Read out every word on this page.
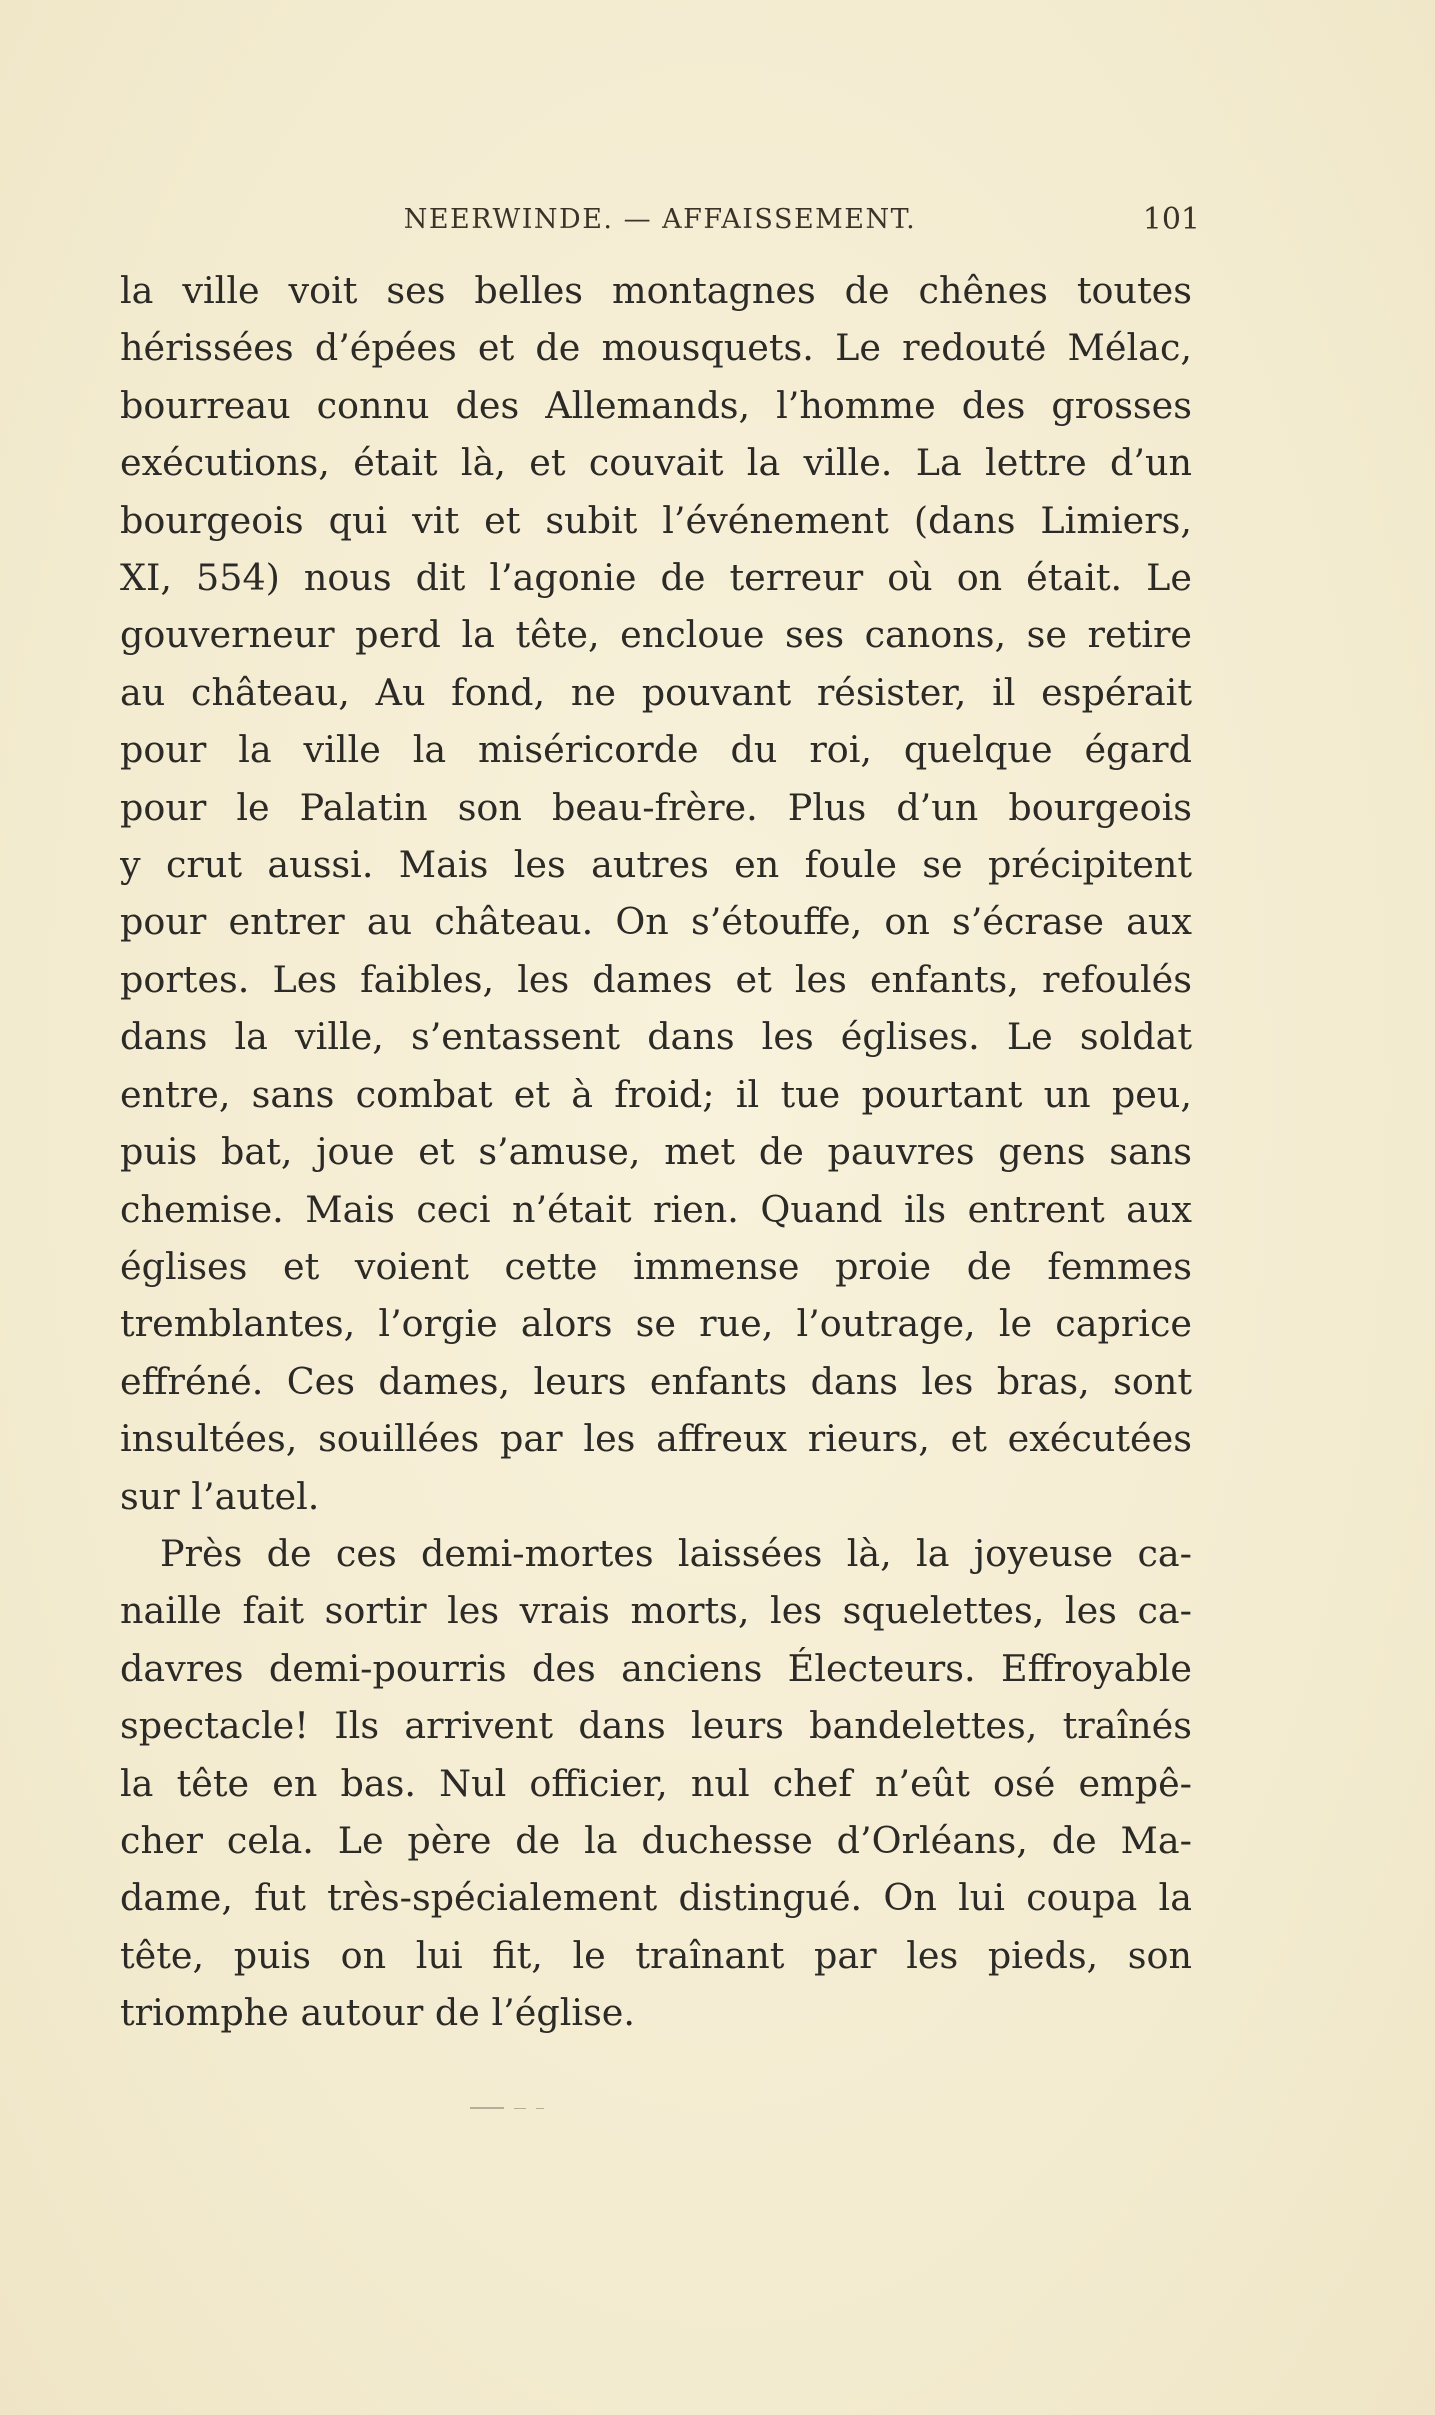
NEERWINDE. — AFFAISSEMENT.	101
la ville voit ses belles montagnes de chênes toutes
hérissées d’épées et de mousquets. Le redouté Mélac,
bourreau connu des Allemands, l’homme des grosses
exécutions, était là, et couvait la ville. La lettre d’un
bourgeois qui vit et subit l’événement (dans Limiers,
XI, 554) nous dit l’agonie de terreur où on était. Le
gouverneur perd la tête, encloue ses canons, se retire
au château, Au fond, ne pouvant résister, il espérait
pour la ville la miséricorde du roi, quelque égard
pour le Palatin son beau-frère. Plus d’un bourgeois
y crut aussi. Mais les autres en foule se précipitent
pour entrer au château. On s’étouffe, on s’écrase aux
portes. Les faibles, les dames et les enfants, refoulés
dans la ville, s’entassent dans les églises. Le soldat
entre, sans combat et à froid; il tue pourtant un peu,
puis bat, joue et s’amuse, met de pauvres gens sans
chemise. Mais ceci n’était rien. Quand ils entrent aux
églises et voient cette immense proie de femmes
tremblantes, l’orgie alors se rue, l’outrage, le caprice
effréné. Ces dames, leurs enfants dans les bras, sont
insultées, souillées par les affreux rieurs, et exécutées
sur l’autel.
Près de ces demi-mortes laissées là, la joyeuse ca-
naille fait sortir les vrais morts, les squelettes, les ca-
davres demi-pourris des anciens Électeurs. Effroyable
spectacle! Ils arrivent dans leurs bandelettes, traînés
la tête en bas. Nul officier, nul chef n’eût osé empê-
cher cela. Le père de la duchesse d’Orléans, de Ma-
dame, fut très-spécialement distingué. On lui coupa la
tête, puis on lui fit, le traînant par les pieds, son
triomphe autour de l’église.
